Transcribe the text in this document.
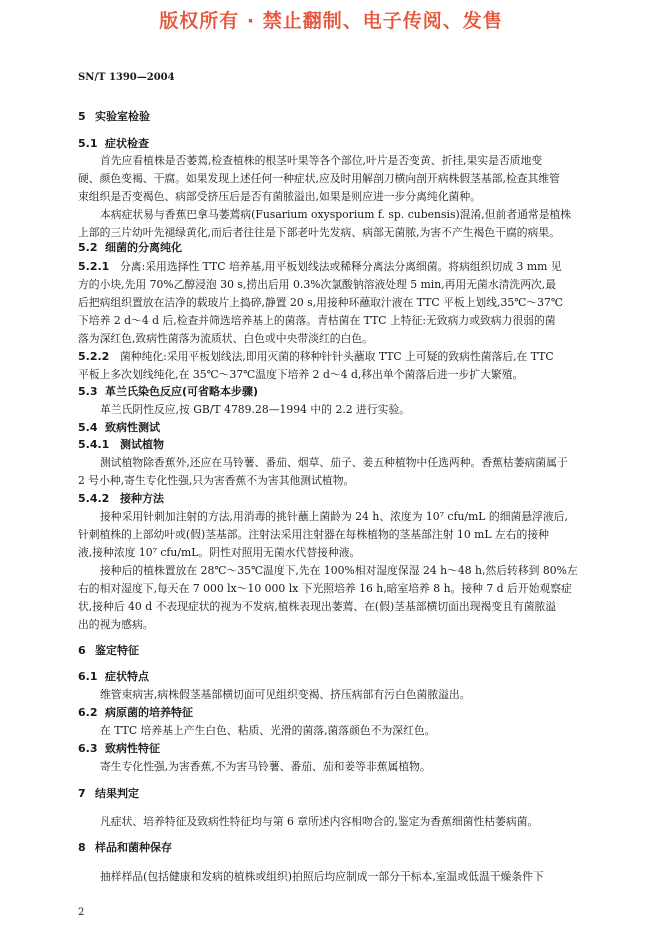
版权所有 · 禁止翻制、电子传阅、发售
SN/T 1390—2004
5 实验室检验
5.1 症状检查
首先应看植株是否萎蔫,检查植株的根茎叶果等各个部位,叶片是否变黄、折挂,果实是否质地变
硬、颜色变褐、干腐。如果发现上述任何一种症状,应及时用解剖刀横向剖开病株假茎基部,检查其维管
束组织是否变褐色、病部受挤压后是否有菌脓溢出,如果是则应进一步分离纯化菌种。
本病症状易与香蕉巴拿马萎蔫病(Fusarium oxysporium f. sp. cubensis)混淆,但前者通常是植株
上部的三片幼叶先褪绿黄化,而后者往往是下部老叶先发病、病部无菌脓,为害不产生褐色干腐的病果。
5.2 细菌的分离纯化
5.2.1 分离:采用选择性 TTC 培养基,用平板划线法或稀释分离法分离细菌。将病组织切成 3 mm 见
方的小块,先用 70%乙醇浸泡 30 s,捞出后用 0.3%次氯酸钠溶液处理 5 min,再用无菌水清洗两次,最
后把病组织置放在洁净的载玻片上捣碎,静置 20 s,用接种环蘸取汁液在 TTC 平板上划线,35℃～37℃
下培养 2 d～4 d 后,检查并筛选培养基上的菌落。青枯菌在 TTC 上特征:无致病力或致病力很弱的菌
落为深红色,致病性菌落为流质状、白色或中央带淡红的白色。
5.2.2 菌种纯化:采用平板划线法,即用灭菌的移种针针头蘸取 TTC 上可疑的致病性菌落后,在 TTC
平板上多次划线纯化,在 35℃～37℃温度下培养 2 d～4 d,移出单个菌落后进一步扩大繁殖。
5.3 革兰氏染色反应(可省略本步骤)
革兰氏阴性反应,按 GB/T 4789.28—1994 中的 2.2 进行实验。
5.4 致病性测试
5.4.1 测试植物
测试植物除香蕉外,还应在马铃薯、番茄、烟草、茄子、姜五种植物中任选两种。香蕉枯萎病菌属于
2 号小种,寄生专化性强,只为害香蕉不为害其他测试植物。
5.4.2 接种方法
接种采用针刺加注射的方法,用消毒的挑针蘸上菌龄为 24 h、浓度为 10⁷ cfu/mL 的细菌悬浮液后,
针刺植株的上部幼叶或(假)茎基部。注射法采用注射器在每株植物的茎基部注射 10 mL 左右的接种
液,接种浓度 10⁷ cfu/mL。阴性对照用无菌水代替接种液。
接种后的植株置放在 28℃～35℃温度下,先在 100%相对湿度保湿 24 h～48 h,然后转移到 80%左
右的相对湿度下,每天在 7 000 lx～10 000 lx 下光照培养 16 h,暗室培养 8 h。接种 7 d 后开始观察症
状,接种后 40 d 不表现症状的视为不发病,植株表现出萎蔫、在(假)茎基部横切面出现褐变且有菌脓溢
出的视为感病。
6 鉴定特征
6.1 症状特点
维管束病害,病株假茎基部横切面可见组织变褐、挤压病部有污白色菌脓溢出。
6.2 病原菌的培养特征
在 TTC 培养基上产生白色、粘质、光滑的菌落,菌落颜色不为深红色。
6.3 致病性特征
寄生专化性强,为害香蕉,不为害马铃薯、番茄、茄和姜等非蕉属植物。
7 结果判定
凡症状、培养特征及致病性特征均与第 6 章所述内容相吻合的,鉴定为香蕉细菌性枯萎病菌。
8 样品和菌种保存
抽样样品(包括健康和发病的植株或组织)拍照后均应制成一部分干标本,室温或低温干燥条件下
2
